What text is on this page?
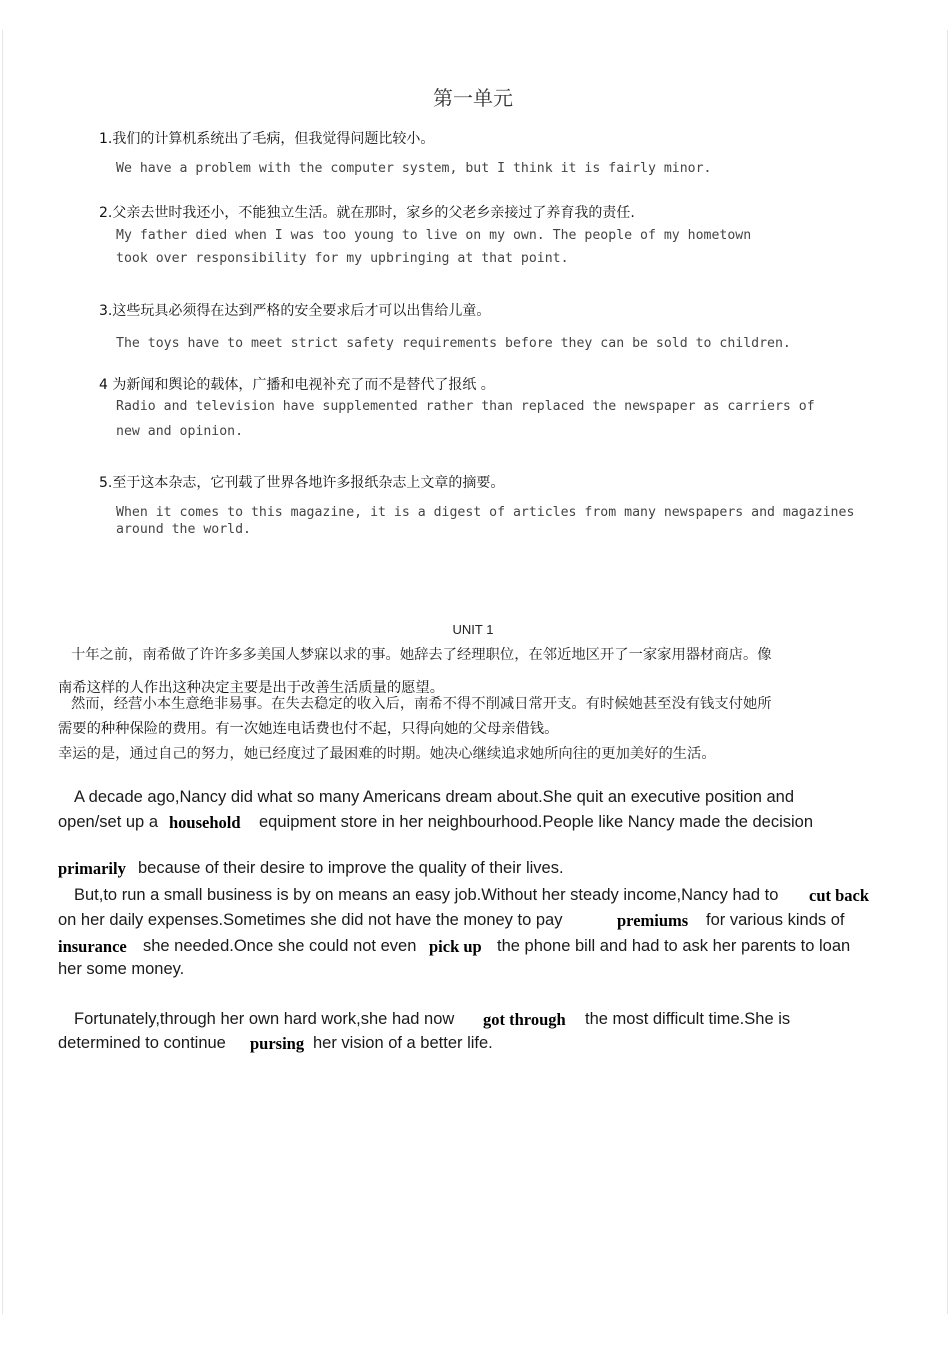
第一单元
1.我们的计算机系统出了毛病，但我觉得问题比较小。
We have a problem with the computer system, but I think it is fairly minor.
2.父亲去世时我还小，不能独立生活。就在那时，家乡的父老乡亲接过了养育我的责任.
My father died when I was too young to live on my own. The people of my hometown
took over responsibility for my upbringing at that point.
3.这些玩具必须得在达到严格的安全要求后才可以出售给儿童。
The toys have to meet strict safety requirements before they can be sold to children.
4 为新闻和舆论的载体，广播和电视补充了而不是替代了报纸 。
Radio and television have supplemented rather than replaced the newspaper as carriers of
new and opinion.
5.至于这本杂志，它刊载了世界各地许多报纸杂志上文章的摘要。
When it comes to this magazine, it is a digest of articles from many newspapers and magazines
around the world.
UNIT 1
十年之前，南希做了许许多多美国人梦寐以求的事。她辞去了经理职位，在邻近地区开了一家家用器材商店。像
南希这样的人作出这种决定主要是出于改善生活质量的愿望。
然而，经营小本生意绝非易事。在失去稳定的收入后，南希不得不削减日常开支。有时候她甚至没有钱支付她所
需要的种种保险的费用。有一次她连电话费也付不起，只得向她的父母亲借钱。
幸运的是，通过自己的努力，她已经度过了最困难的时期。她决心继续追求她所向往的更加美好的生活。
A decade ago,Nancy did what so many Americans dream about.She quit an executive position and
open/set up a household equipment store in her neighbourhood.People like Nancy made the decision
primarily because of their desire to improve the quality of their lives.
But,to run a small business is by on means an easy job.Without her steady income,Nancy had to cut back
on her daily expenses.Sometimes she did not have the money to pay	premiums for various kinds of
insurance she needed.Once she could not even pick up the phone bill and had to ask her parents to loan
her some money.
Fortunately,through her own hard work,she had now got through the most difficult time.She is
determined to continue pursing her vision of a better life.
